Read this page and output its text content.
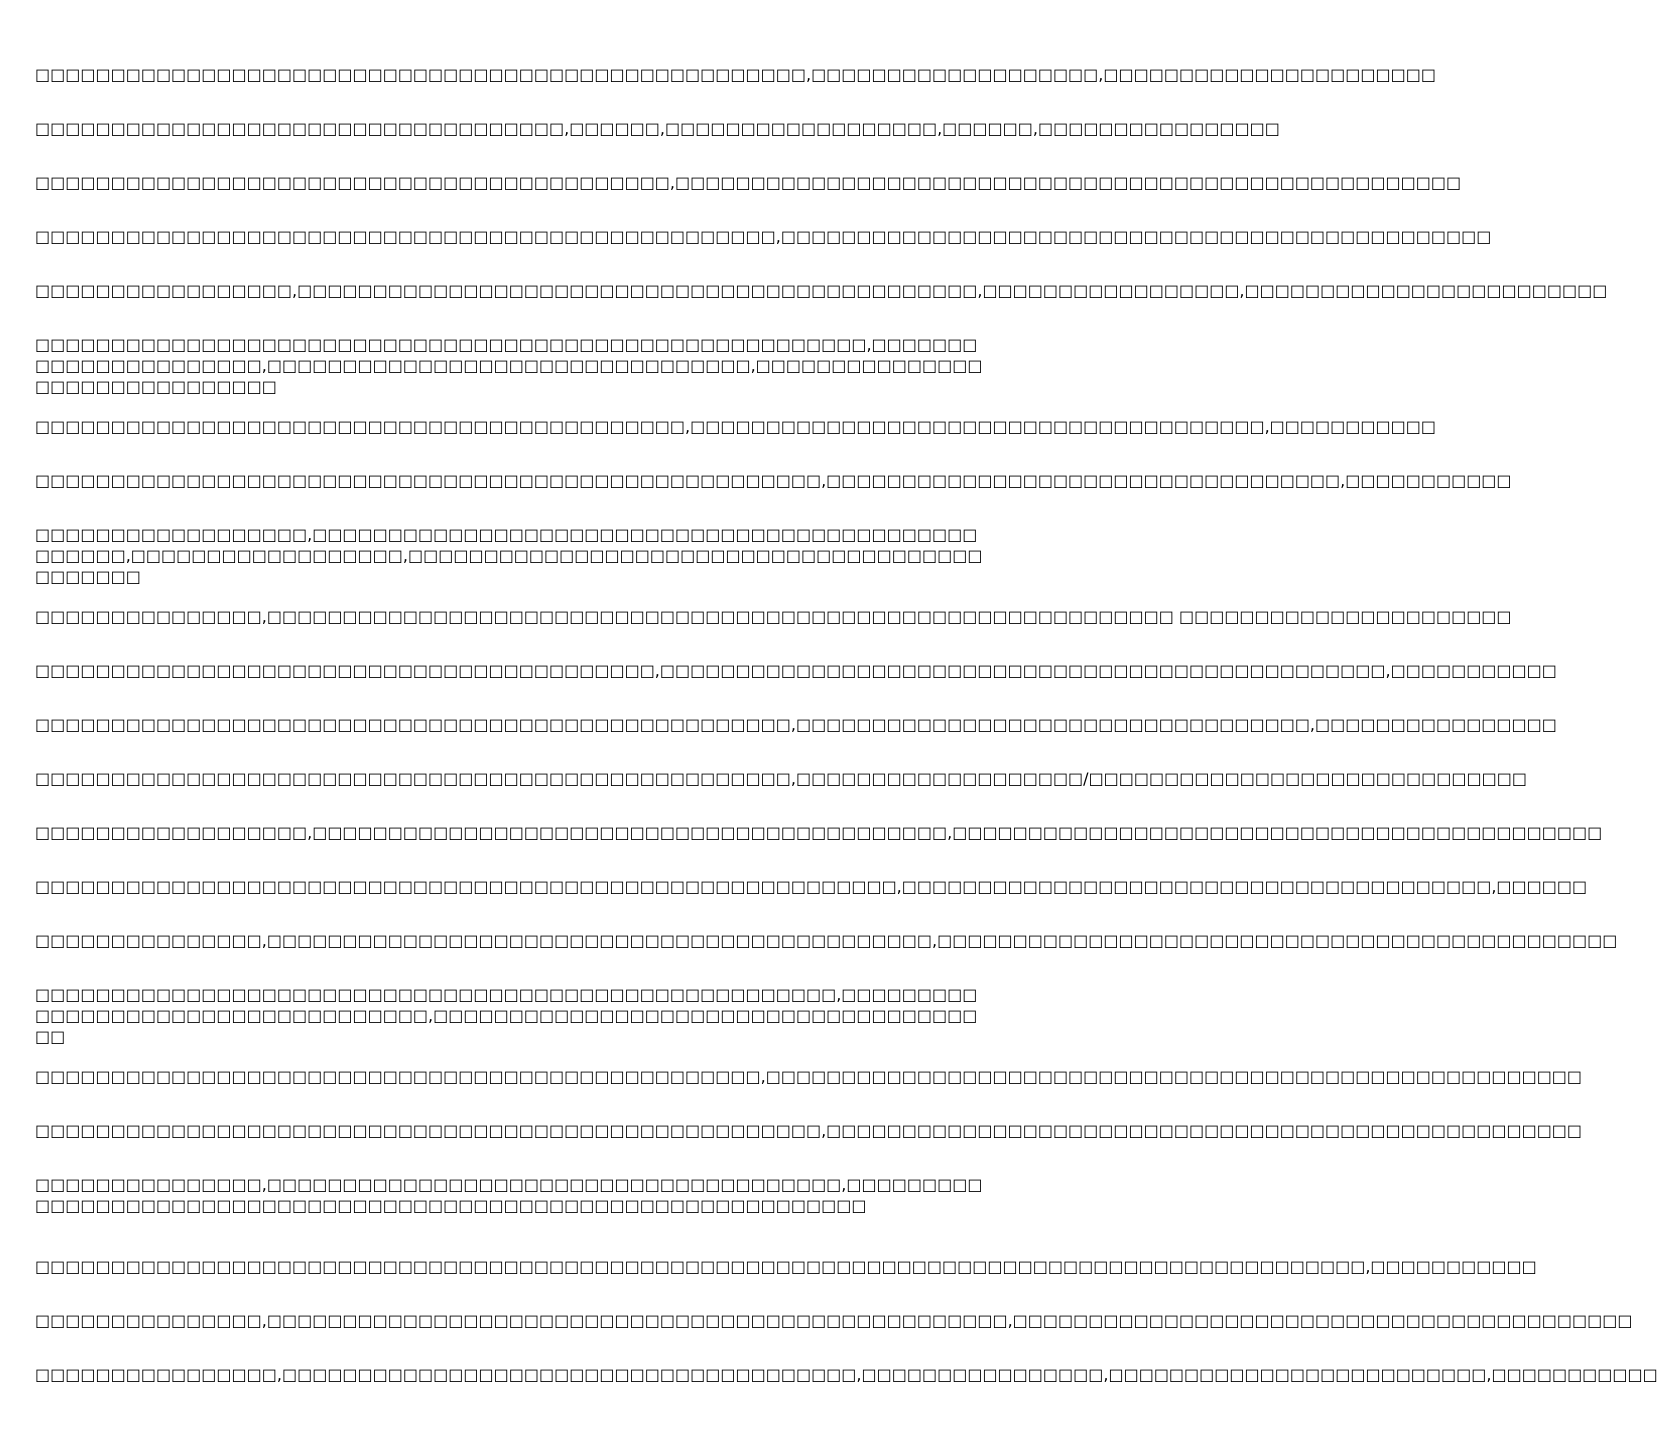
□□□□□□□□□□□□□□□□□□□□□□□□□□□□□□□□□□□□□□□□□□□□□□□□□□□,□□□□□□□□□□□□□□□□□□□,□□□□□□□□□□□□□□□□□□□□□□

□□□□□□□□□□□□□□□□□□□□□□□□□□□□□□□□□□□,□□□□□□,□□□□□□□□□□□□□□□□□□,□□□□□□,□□□□□□□□□□□□□□□□

□□□□□□□□□□□□□□□□□□□□□□□□□□□□□□□□□□□□□□□□□□,□□□□□□□□□□□□□□□□□□□□□□□□□□□□□□□□□□□□□□□□□□□□□□□□□□□□

□□□□□□□□□□□□□□□□□□□□□□□□□□□□□□□□□□□□□□□□□□□□□□□□□,□□□□□□□□□□□□□□□□□□□□□□□□□□□□□□□□□□□□□□□□□□□□□□□

□□□□□□□□□□□□□□□□□,□□□□□□□□□□□□□□□□□□□□□□□□□□□□□□□□□□□□□□□□□□□□□,□□□□□□□□□□□□□□□□□,□□□□□□□□□□□□□□□□□□□□□□□□

□□□□□□□□□□□□□□□□□□□□□□□□□□□□□□□□□□□□□□□□□□□□□□□□□□□□□□□,□□□□□□□□□□□□□□□□□□□□□□,□□□□□□□□□□□□□□□□□□□□□□□□□□□□□□□□,□□□□□□□□□□□□□□□□□□□□□□□□□□□□□□□

□□□□□□□□□□□□□□□□□□□□□□□□□□□□□□□□□□□□□□□□□□□,□□□□□□□□□□□□□□□□□□□□□□□□□□□□□□□□□□□□□□,□□□□□□□□□□□

□□□□□□□□□□□□□□□□□□□□□□□□□□□□□□□□□□□□□□□□□□□□□□□□□□□□,□□□□□□□□□□□□□□□□□□□□□□□□□□□□□□□□□□,□□□□□□□□□□□

□□□□□□□□□□□□□□□□□□,□□□□□□□□□□□□□□□□□□□□□□□□□□□□□□□□□□□□□□□□□□□□□□□□□□,□□□□□□□□□□□□□□□□□□,□□□□□□□□□□□□□□□□□□□□□□□□□□□□□□□□□□□□□□□□□□□□□

□□□□□□□□□□□□□□□,□□□□□□□□□□□□□□□□□□□□□□□□□□□□□□□□□□□□□□□□□□□□□□□□□□□□□□□□□□□□ □□□□□□□□□□□□□□□□□□□□□□

□□□□□□□□□□□□□□□□□□□□□□□□□□□□□□□□□□□□□□□□□,□□□□□□□□□□□□□□□□□□□□□□□□□□□□□□□□□□□□□□□□□□□□□□□□,□□□□□□□□□□□

□□□□□□□□□□□□□□□□□□□□□□□□□□□□□□□□□□□□□□□□□□□□□□□□□□,□□□□□□□□□□□□□□□□□□□□□□□□□□□□□□□□□□,□□□□□□□□□□□□□□□□

□□□□□□□□□□□□□□□□□□□□□□□□□□□□□□□□□□□□□□□□□□□□□□□□□□,□□□□□□□□□□□□□□□□□□□/□□□□□□□□□□□□□□□□□□□□□□□□□□□□□

□□□□□□□□□□□□□□□□□□,□□□□□□□□□□□□□□□□□□□□□□□□□□□□□□□□□□□□□□□□□□,□□□□□□□□□□□□□□□□□□□□□□□□□□□□□□□□□□□□□□□□□□□

□□□□□□□□□□□□□□□□□□□□□□□□□□□□□□□□□□□□□□□□□□□□□□□□□□□□□□□□□,□□□□□□□□□□□□□□□□□□□□□□□□□□□□□□□□□□□□□□□,□□□□□□

□□□□□□□□□□□□□□□,□□□□□□□□□□□□□□□□□□□□□□□□□□□□□□□□□□□□□□□□□□□□,□□□□□□□□□□□□□□□□□□□□□□□□□□□□□□□□□□□□□□□□□□□□□

□□□□□□□□□□□□□□□□□□□□□□□□□□□□□□□□□□□□□□□□□□□□□□□□□□□□□,□□□□□□□□□□□□□□□□□□□□□□□□□□□□□□□□□□□,□□□□□□□□□□□□□□□□□□□□□□□□□□□□□□□□□□□□□□

□□□□□□□□□□□□□□□□□□□□□□□□□□□□□□□□□□□□□□□□□□□□□□□□,□□□□□□□□□□□□□□□□□□□□□□□□□□□□□□□□□□□□□□□□□□□□□□□□□□□□□□

□□□□□□□□□□□□□□□□□□□□□□□□□□□□□□□□□□□□□□□□□□□□□□□□□□□□,□□□□□□□□□□□□□□□□□□□□□□□□□□□□□□□□□□□□□□□□□□□□□□□□□□

□□□□□□□□□□□□□□□,□□□□□□□□□□□□□□□□□□□□□□□□□□□□□□□□□□□□□□,□□□□□□□□□□□□□□□□□□□□□□□□□□□□□□□□□□□□□□□□□□□□□□□□□□□□□□□□□□□□□□□□

□□□□□□□□□□□□□□□□□□□□□□□□□□□□□□□□□□□□□□□□□□□□□□□□□□□□□□□□□□□□□□□□□□□□□□□□□□□□□□□□□□□□□□□□,□□□□□□□□□□□

□□□□□□□□□□□□□□□,□□□□□□□□□□□□□□□□□□□□□□□□□□□□□□□□□□□□□□□□□□□□□□□□□,□□□□□□□□□□□□□□□□□□□□□□□□□□□□□□□□□□□□□□□□□

□□□□□□□□□□□□□□□□,□□□□□□□□□□□□□□□□□□□□□□□□□□□□□□□□□□□□□□,□□□□□□□□□□□□□□□□,□□□□□□□□□□□□□□□□□□□□□□□□□,□□□□□□□□□□□
